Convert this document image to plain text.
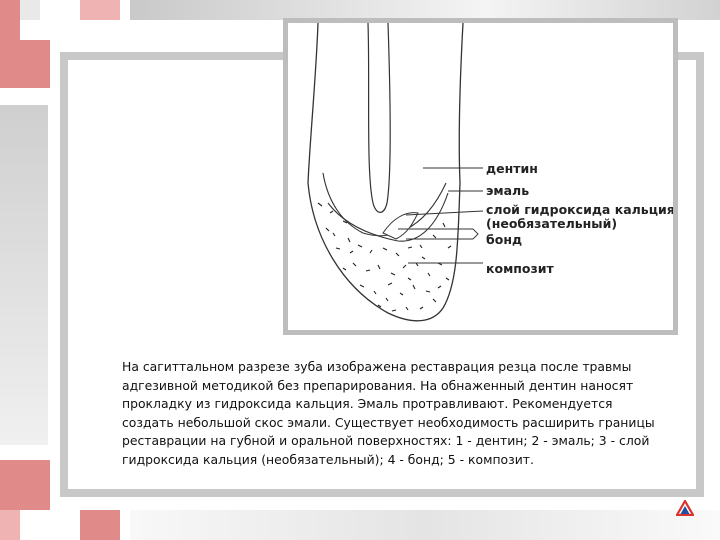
дентин
эмаль
слой гидроксида кальция
(необязательный)
бонд
композит
На сагиттальном разрезе зуба изображена реставрация резца после травмы адгезивной методикой без препарирования. На обнаженный дентин наносят прокладку из гидроксида кальция. Эмаль протравливают. Рекомендуется создать небольшой скос эмали. Существует необходимость расширить границы реставрации на губной и оральной поверхностях: 1 - дентин; 2 - эмаль; 3 - слой гидроксида кальция (необязательный); 4 - бонд; 5 - композит.
